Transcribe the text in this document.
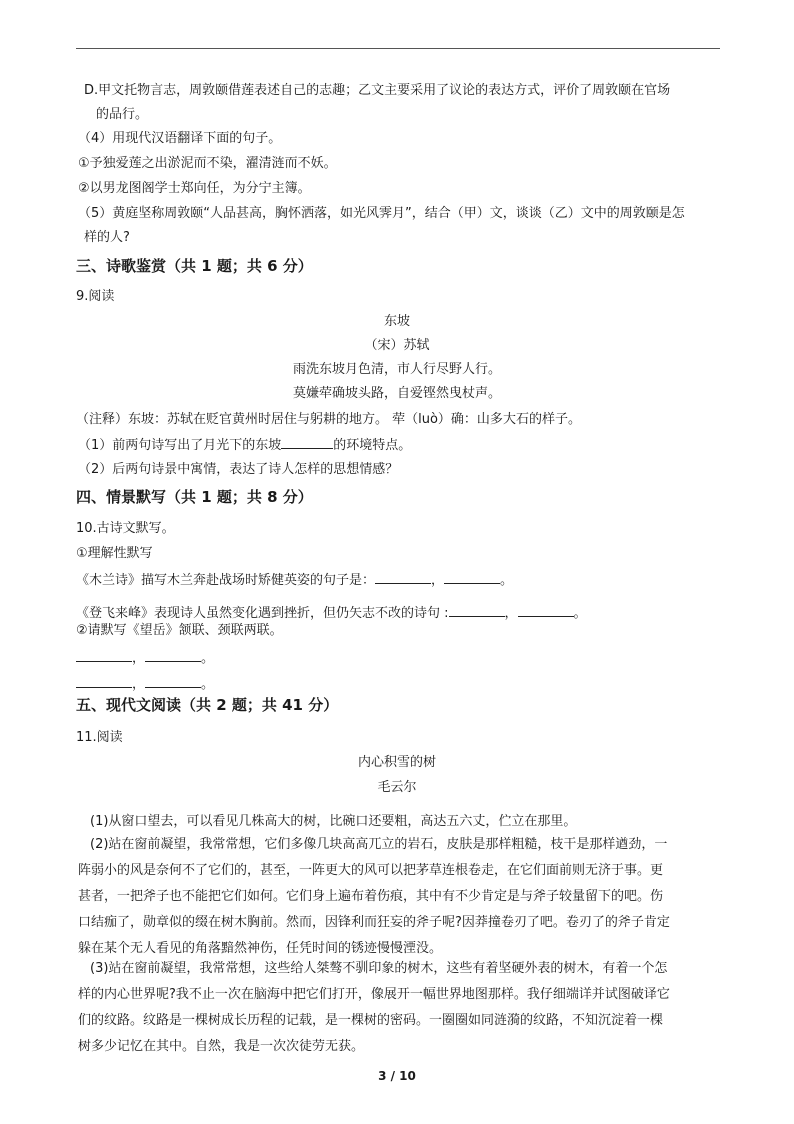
D.甲文托物言志，周敦颐借莲表述自己的志趣；乙文主要采用了议论的表达方式，评价了周敦颐在官场
的品行。
（4）用现代汉语翻译下面的句子。
①予独爱莲之出淤泥而不染，濯清涟而不妖。
②以男龙图阁学士郑向任，为分宁主簿。
（5）黄庭坚称周敦颐“人品甚高，胸怀洒落，如光风霁月”，结合（甲）文，谈谈（乙）文中的周敦颐是怎
样的人?
三、诗歌鉴赏（共 1 题；共 6 分）
9.阅读
东坡
（宋）苏轼
雨洗东坡月色清，市人行尽野人行。
莫嫌荦确坡头路，自爱铿然曳杖声。
（注释）东坡：苏轼在贬官黄州时居住与躬耕的地方。 荦（luò）确：山多大石的样子。
（1）前两句诗写出了月光下的东坡	的环境特点。
（2）后两句诗景中寓情，表达了诗人怎样的思想情感？
四、情景默写（共 1 题；共 8 分）
10.古诗文默写。
①理解性默写
《木兰诗》描写木兰奔赴战场时矫健英姿的句子是：	，	。
《登飞来峰》表现诗人虽然变化遇到挫折，但仍矢志不改的诗句 :	，	。
②请默写《望岳》颔联、颈联两联。
，	。
，	。
五、现代文阅读（共 2 题；共 41 分）
11.阅读
内心积雪的树
毛云尔
(1)从窗口望去，可以看见几株高大的树，比碗口还要粗，高达五六丈，伫立在那里。
(2)站在窗前凝望，我常常想，它们多像几块高高兀立的岩石，皮肤是那样粗糙，枝干是那样遒劲，一
阵弱小的风是奈何不了它们的，甚至，一阵更大的风可以把茅草连根卷走，在它们面前则无济于事。更
甚者，一把斧子也不能把它们如何。它们身上遍布着伤痕，其中有不少肯定是与斧子较量留下的吧。伤
口结痂了，勋章似的缀在树木胸前。然而，因锋利而狂妄的斧子呢?因莽撞卷刃了吧。卷刃了的斧子肯定
躲在某个无人看见的角落黯然神伤，任凭时间的锈迹慢慢湮没。
(3)站在窗前凝望，我常常想，这些给人桀骜不驯印象的树木，这些有着坚硬外表的树木，有着一个怎
样的内心世界呢?我不止一次在脑海中把它们打开，像展开一幅世界地图那样。我仔细端详并试图破译它
们的纹路。纹路是一棵树成长历程的记载，是一棵树的密码。一圈圈如同涟漪的纹路，不知沉淀着一棵
树多少记忆在其中。自然，我是一次次徒劳无获。
3 / 10
